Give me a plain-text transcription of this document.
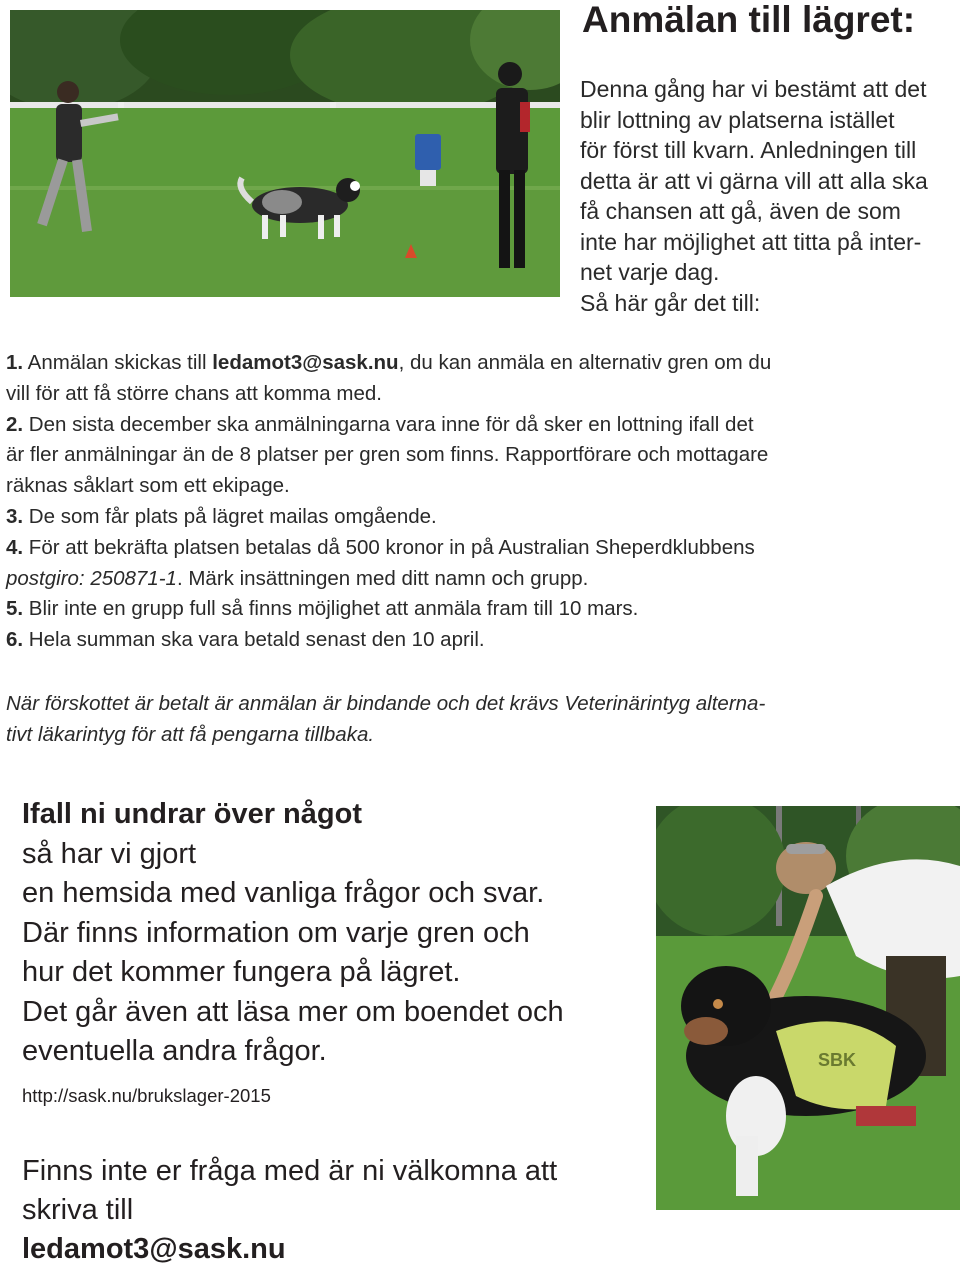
Anmälan till lägret:
Denna gång har vi bestämt att det
blir lottning av platserna istället
för först till kvarn. Anledningen till
detta är att vi gärna vill att alla ska
få chansen att gå, även de som
inte har möjlighet att titta på inter-
net varje dag.
Så här går det till:
1. Anmälan skickas till ledamot3@sask.nu, du kan anmäla en alternativ gren om du
vill för att få större chans att komma med.
2. Den sista december ska anmälningarna vara inne för då sker en lottning ifall det
är fler anmälningar än de 8 platser per gren som finns. Rapportförare och mottagare
räknas såklart som ett ekipage.
3. De som får plats på lägret mailas omgående.
4. För att bekräfta platsen betalas då 500 kronor in på Australian Sheperdklubbens
postgiro: 250871-1. Märk insättningen med ditt namn och grupp.
5. Blir inte en grupp full så finns möjlighet att anmäla fram till 10 mars.
6. Hela summan ska vara betald senast den 10 april.
När förskottet är betalt är anmälan är bindande och det krävs Veterinärintyg alterna-
tivt läkarintyg för att få pengarna tillbaka.
Ifall ni undrar över något
så har vi gjort
en hemsida med vanliga frågor och svar.
Där finns information om varje gren och
hur det kommer fungera på lägret.
Det går även att läsa mer om boendet och
eventuella andra frågor.
http://sask.nu/brukslager-2015
Finns inte er fråga med är ni välkomna att
skriva till
ledamot3@sask.nu
SBK
